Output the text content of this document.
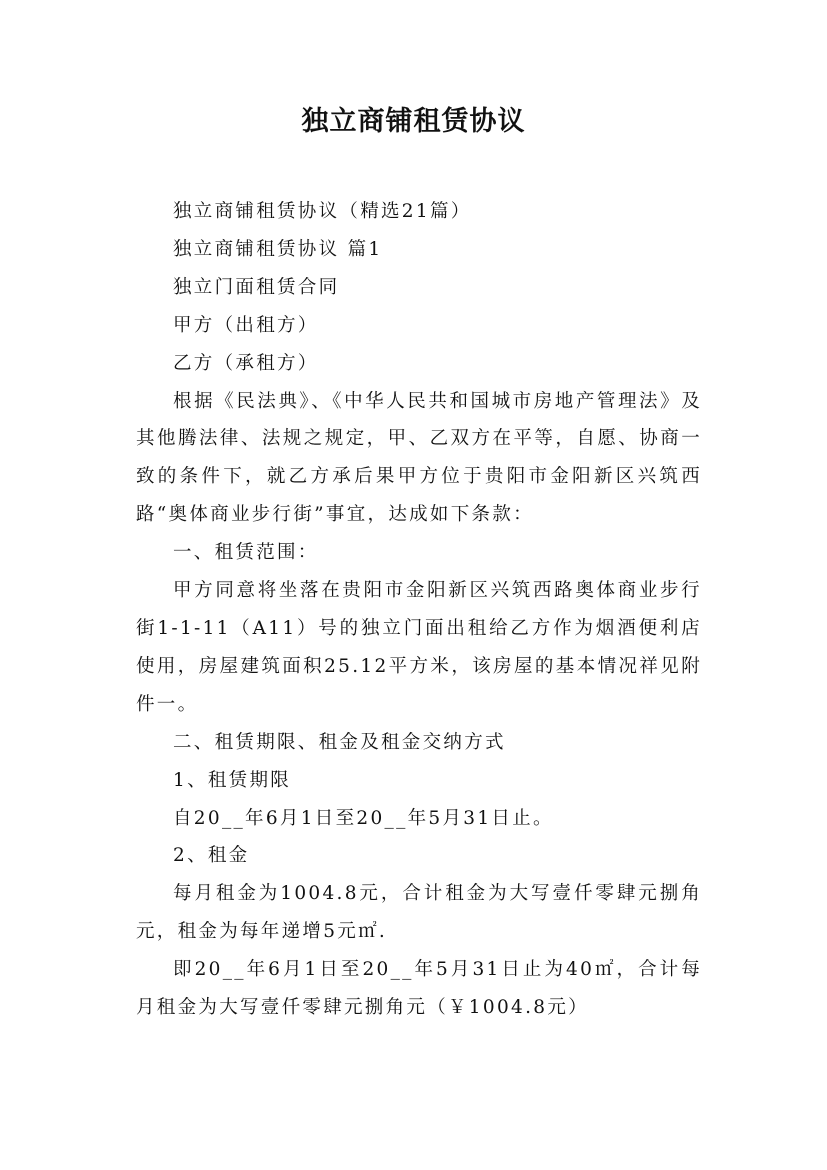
独立商铺租赁协议

独立商铺租赁协议（精选21篇）

独立商铺租赁协议 篇1

独立门面租赁合同

甲方（出租方）

乙方（承租方）

根据《民法典》、《中华人民共和国城市房地产管理法》及其他腾法律、法规之规定，甲、乙双方在平等，自愿、协商一致的条件下，就乙方承后果甲方位于贵阳市金阳新区兴筑西路“奥体商业步行街”事宜，达成如下条款：

一、租赁范围：

甲方同意将坐落在贵阳市金阳新区兴筑西路奥体商业步行街1-1-11（A11）号的独立门面出租给乙方作为烟酒便利店使用，房屋建筑面积25.12平方米，该房屋的基本情况祥见附件一。

二、租赁期限、租金及租金交纳方式

1、租赁期限

自20__年6月1日至20__年5月31日止。

2、租金

每月租金为1004.8元，合计租金为大写壹仟零肆元捌角元，租金为每年递增5元㎡.

即20__年6月1日至20__年5月31日止为40㎡，合计每月租金为大写壹仟零肆元捌角元（￥1004.8元）
